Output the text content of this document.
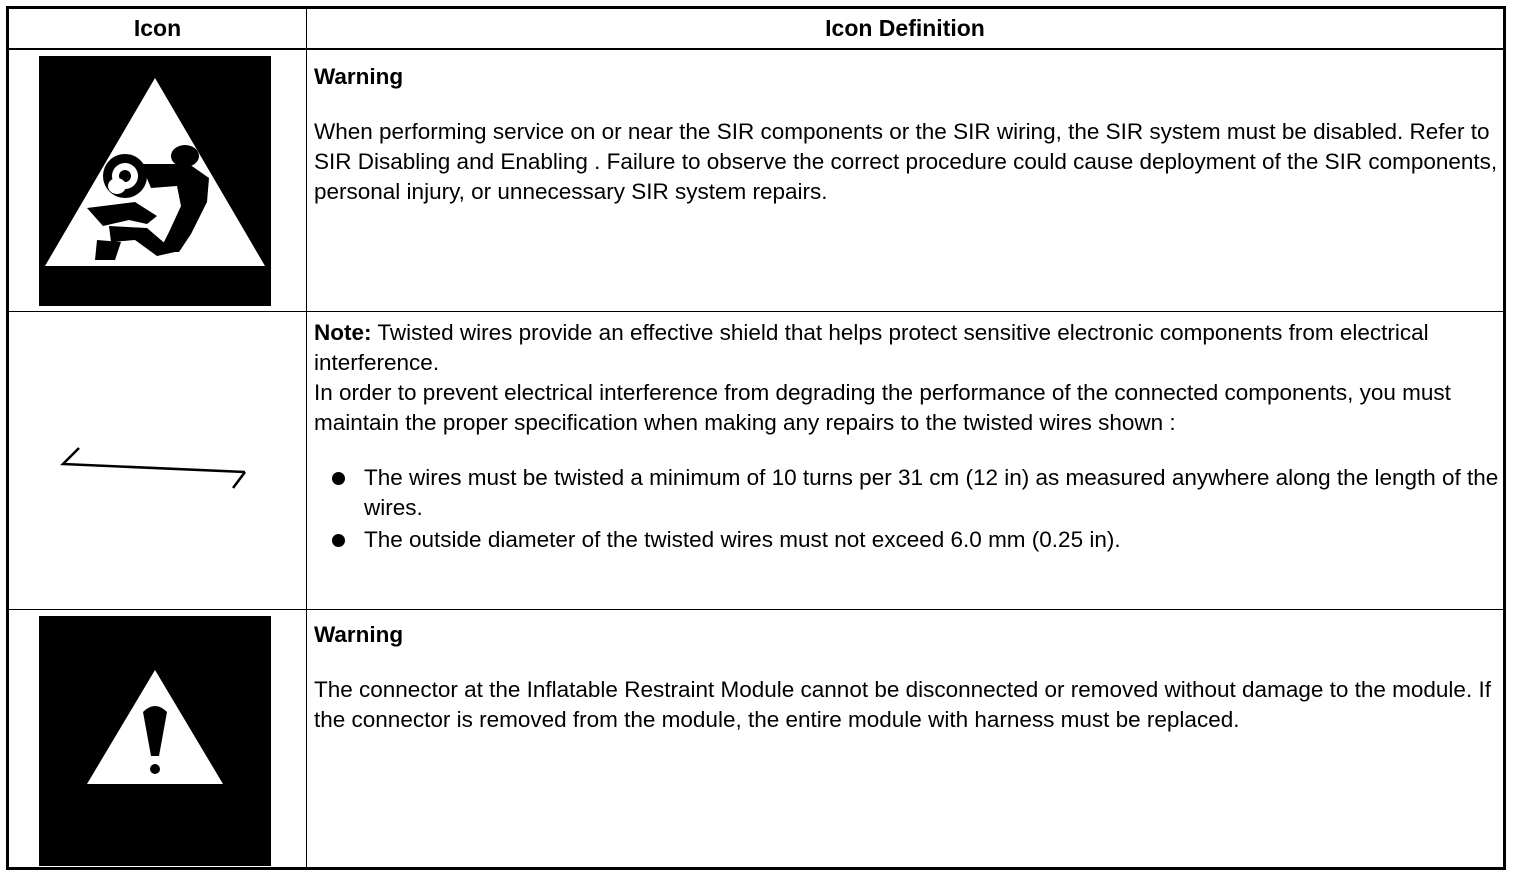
Icon	Icon Definition

Warning

When performing service on or near the SIR components or the SIR wiring, the SIR system must be disabled. Refer to SIR Disabling and Enabling . Failure to observe the correct procedure could cause deployment of the SIR components, personal injury, or unnecessary SIR system repairs.

Note: Twisted wires provide an effective shield that helps protect sensitive electronic components from electrical interference.

In order to prevent electrical interference from degrading the performance of the connected components, you must maintain the proper specification when making any repairs to the twisted wires shown :

The wires must be twisted a minimum of 10 turns per 31 cm (12 in) as measured anywhere along the length of the wires.
The outside diameter of the twisted wires must not exceed 6.0 mm (0.25 in).

Warning

The connector at the Inflatable Restraint Module cannot be disconnected or removed without damage to the module. If the connector is removed from the module, the entire module with harness must be replaced.
